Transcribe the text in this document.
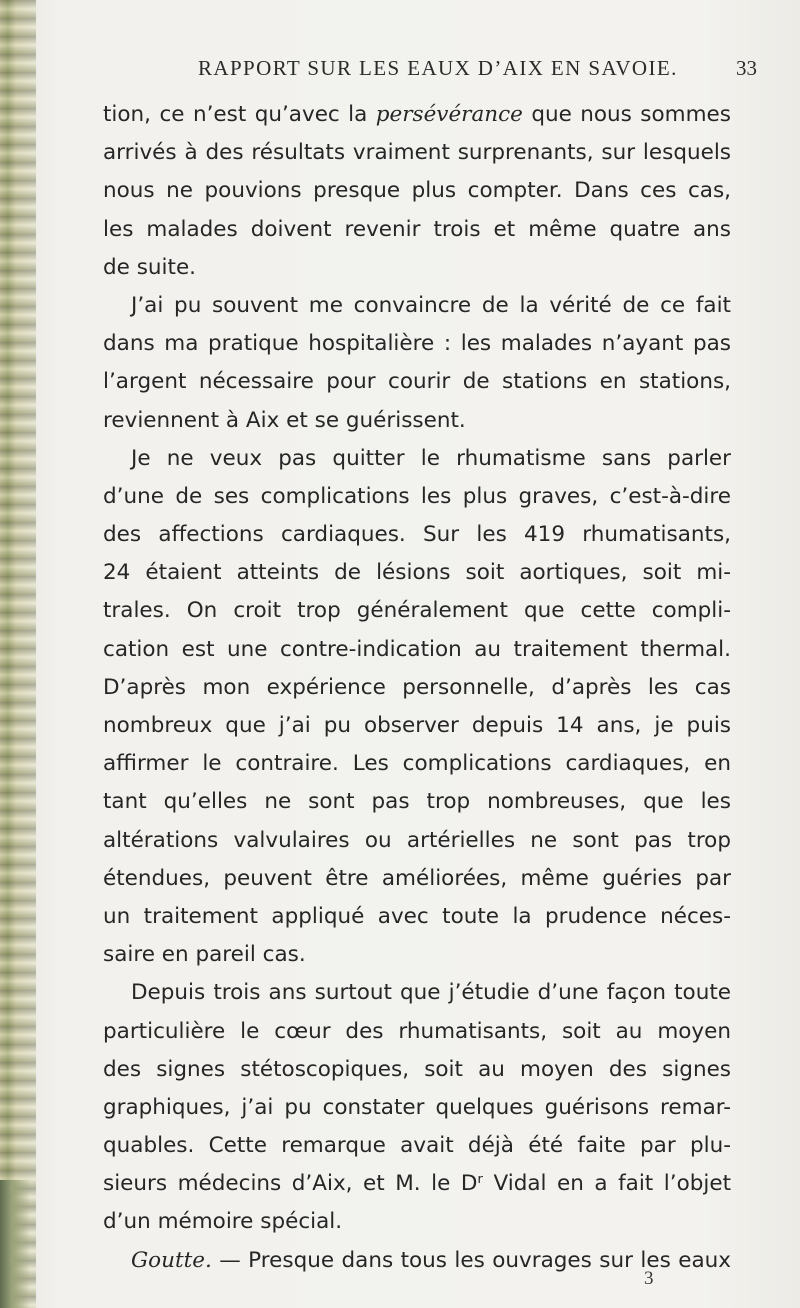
RAPPORT SUR LES EAUX D’AIX EN SAVOIE.	33
tion, ce n’est qu’avec la persévérance que nous sommes
arrivés à des résultats vraiment surprenants, sur lesquels
nous ne pouvions presque plus compter. Dans ces cas,
les malades doivent revenir trois et même quatre ans
de suite.
J’ai pu souvent me convaincre de la vérité de ce fait
dans ma pratique hospitalière : les malades n’ayant pas
l’argent nécessaire pour courir de stations en stations,
reviennent à Aix et se guérissent.
Je ne veux pas quitter le rhumatisme sans parler
d’une de ses complications les plus graves, c’est-à-dire
des affections cardiaques. Sur les 419 rhumatisants,
24 étaient atteints de lésions soit aortiques, soit mi-
trales. On croit trop généralement que cette compli-
cation est une contre-indication au traitement thermal.
D’après mon expérience personnelle, d’après les cas
nombreux que j’ai pu observer depuis 14 ans, je puis
affirmer le contraire. Les complications cardiaques, en
tant qu’elles ne sont pas trop nombreuses, que les
altérations valvulaires ou artérielles ne sont pas trop
étendues, peuvent être améliorées, même guéries par
un traitement appliqué avec toute la prudence néces-
saire en pareil cas.
Depuis trois ans surtout que j’étudie d’une façon toute
particulière le cœur des rhumatisants, soit au moyen
des signes stétoscopiques, soit au moyen des signes
graphiques, j’ai pu constater quelques guérisons remar-
quables. Cette remarque avait déjà été faite par plu-
sieurs médecins d’Aix, et M. le Dʳ Vidal en a fait l’objet
d’un mémoire spécial.
Goutte. — Presque dans tous les ouvrages sur les eaux
3
